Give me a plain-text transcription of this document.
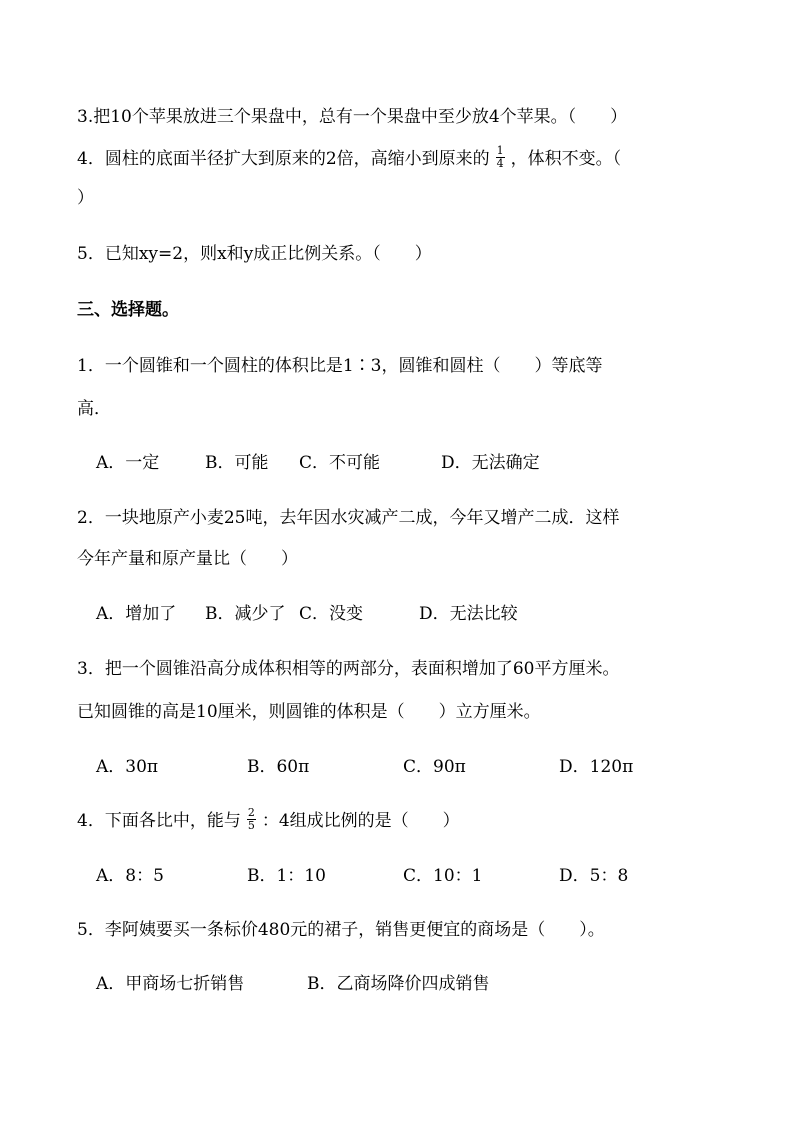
3.把10个苹果放进三个果盘中，总有一个果盘中至少放4个苹果。（　　）
4．圆柱的底面半径扩大到原来的2倍，高缩小到原来的 $\frac{1}{4}$ ，体积不变。（
）
5．已知xy=2，则x和y成正比例关系。（　　）
三、选择题。
1．一个圆锥和一个圆柱的体积比是1∶3，圆锥和圆柱（　　）等底等
高．
A．一定	B．可能 C．不可能	D．无法确定
2．一块地原产小麦25吨，去年因水灾减产二成，今年又增产二成．这样
今年产量和原产量比（　　）
A．增加了 B．减少了 C．没变	D．无法比较
3．把一个圆锥沿高分成体积相等的两部分，表面积增加了60平方厘米。
已知圆锥的高是10厘米，则圆锥的体积是（　　）立方厘米。
A．30π	B．60π	C．90π	D．120π
4．下面各比中，能与 $\frac{2}{5}$ ：4组成比例的是（　　）
A．8：5	B．1：10	C．10：1	D．5：8
5．李阿姨要买一条标价480元的裙子，销售更便宜的商场是（　　）。
A．甲商场七折销售	B．乙商场降价四成销售
